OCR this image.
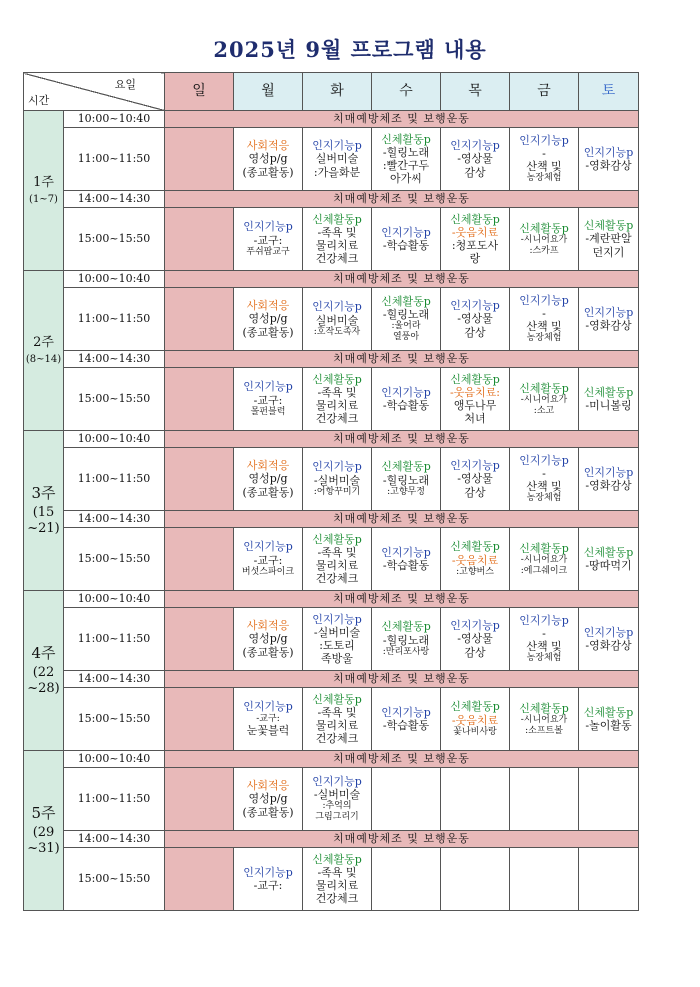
2025년 9월 프로그램 내용
요일
시간		일	월	화	수	목	금	토

1주
(1~7)	10:00~10:40	치매예방체조 및 보행운동						
	11:00~11:50		사회적응
영성p/g
(종교활동)	인지기능p
실버미술
:가을화분	신체활동p
-힐링노래
:빨간구두
아가씨	인지기능p
-영상물
감상	인지기능p
-
산책 및
농장체험	인지기능p
-영화감상

	14:00~14:30	치매예방체조 및 보행운동						
	15:00~15:50		인지기능p
-교구:
푸쉬팝교구	신체활동p
-족욕 및
물리치료
건강체크	인지기능p
-학습활동	신체활동p
-웃음치료
:청포도사
랑	신체활동p
-시니어요가
:스카프	신체활동p
-계란판알
던지기

2주
(8~14)	10:00~10:40	치매예방체조 및 보행운동						
	11:00~11:50		사회적응
영성p/g
(종교활동)	인지기능p
실버미술
:호작도족자	신체활동p
-힐링노래
:울어라
열풍아	인지기능p
-영상물
감상	인지기능p
-
산책 및
농장체험	인지기능p
-영화감상

	14:00~14:30	치매예방체조 및 보행운동						
	15:00~15:50		인지기능p
-교구:
몰펀블럭	신체활동p
-족욕 및
물리치료
건강체크	인지기능p
-학습활동	신체활동p
-웃음치료:
앵두나무
처녀	신체활동p
-시니어요가
:소고	신체활동p
-미니볼링

3주
(15 ~21)	10:00~10:40	치매예방체조 및 보행운동						
	11:00~11:50		사회적응
영성p/g
(종교활동)	인지기능p
-실버미술
:어항꾸미기	신체활동p
-힐링노래
:고향무정	인지기능p
-영상물
감상	인지기능p
-
산책 및
농장체험	인지기능p
-영화감상

	14:00~14:30	치매예방체조 및 보행운동						
	15:00~15:50		인지기능p
-교구:
버섯스파이크	신체활동p
-족욕 및
물리치료
건강체크	인지기능p
-학습활동	신체활동p
-웃음치료
:고향버스	신체활동p
-시니어요가
:에그쉐이크	신체활동p
-땅따먹기

4주
(22 ~28)	10:00~10:40	치매예방체조 및 보행운동						
	11:00~11:50		사회적응
영성p/g
(종교활동)	인지기능p
-실버미술
:도토리
족방울	신체활동p
-힐링노래
:만리포사랑	인지기능p
-영상물
감상	인지기능p
-
산책 및
농장체험	인지기능p
-영화감상

	14:00~14:30	치매예방체조 및 보행운동						
	15:00~15:50		인지기능p
-교구:
눈꽃블럭	신체활동p
-족욕 및
물리치료
건강체크	인지기능p
-학습활동	신체활동p
-웃음치료
꽃나비사랑	신체활동p
-시니어요가
:소프트볼	신체활동p
-놀이활동

5주
(29 ~31)	10:00~10:40	치매예방체조 및 보행운동						
	11:00~11:50		사회적응
영성p/g
(종교활동)	인지기능p
-실버미술
:추억의
그림그리기				

	14:00~14:30	치매예방체조 및 보행운동						
	15:00~15:50		인지기능p
-교구:	신체활동p
-족욕 및
물리치료
건강체크				
